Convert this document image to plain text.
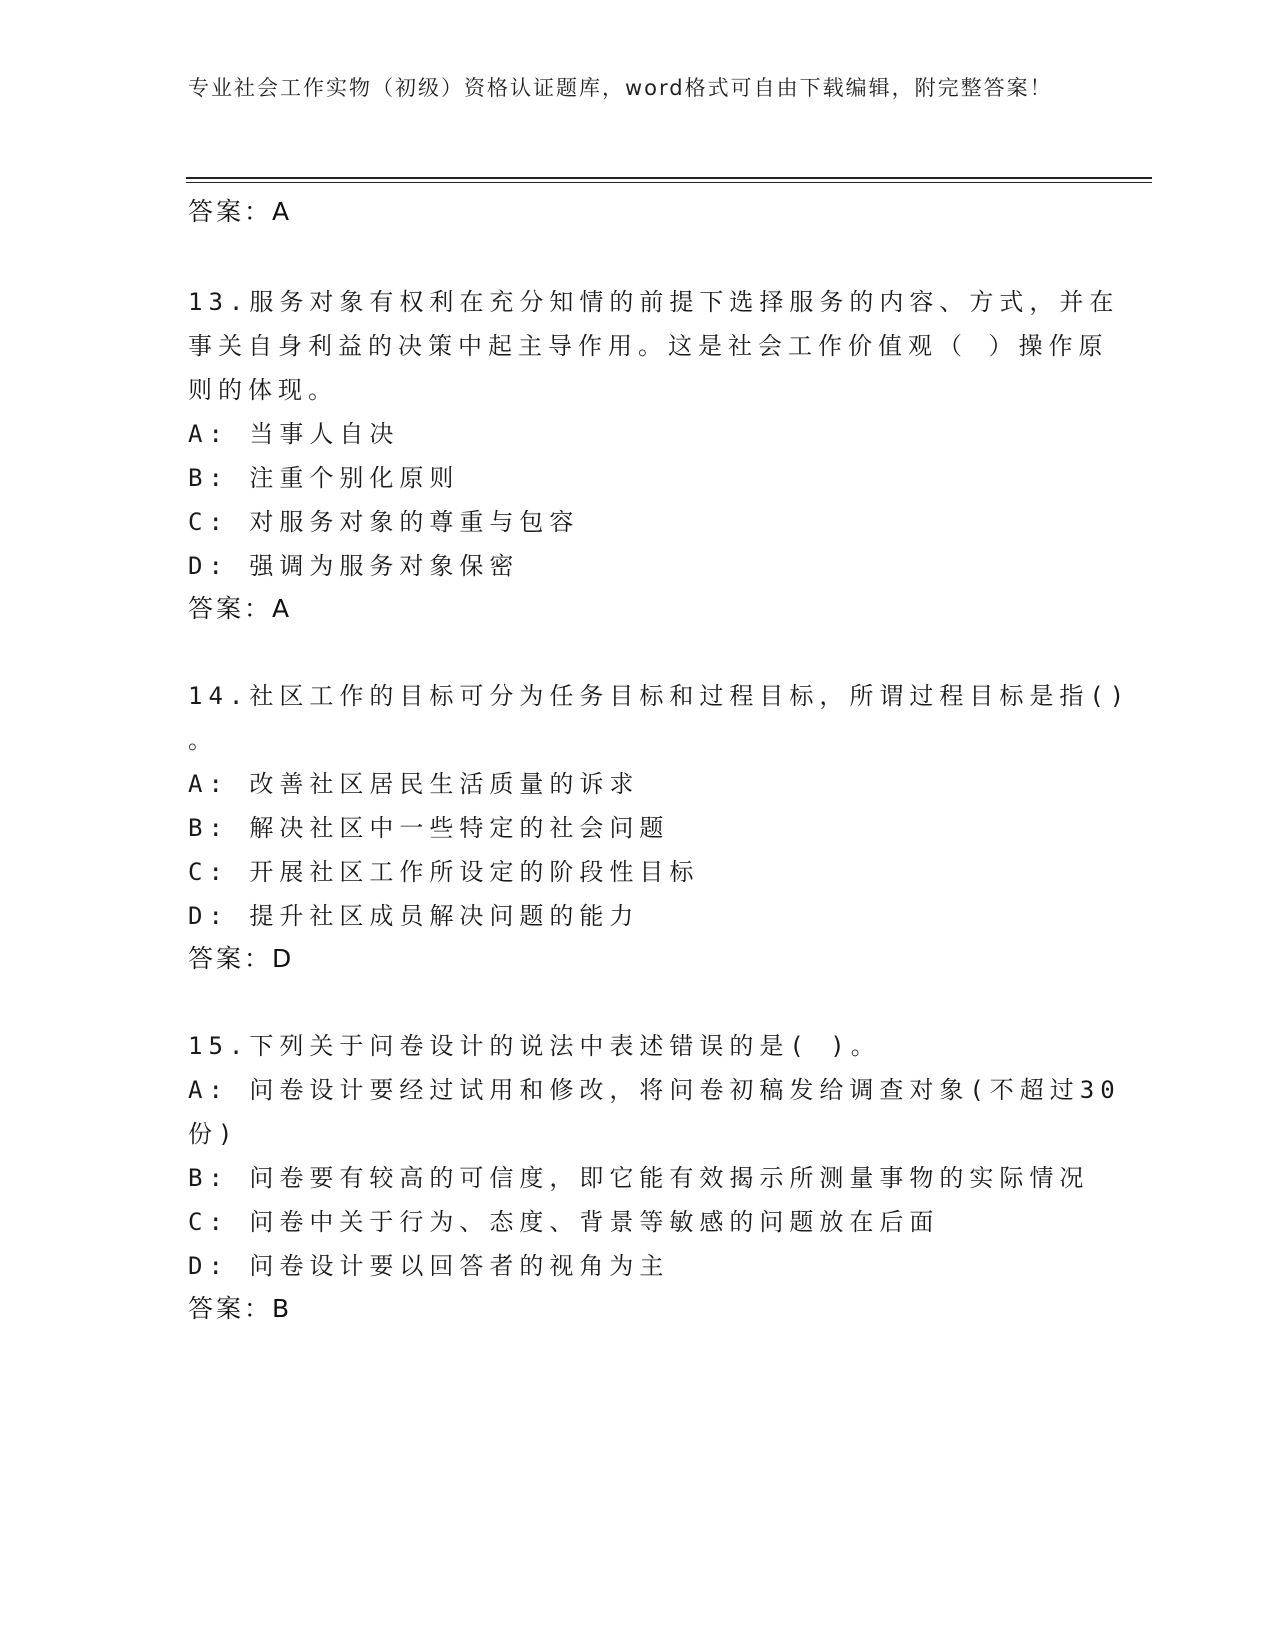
专业社会工作实物（初级）资格认证题库，word格式可自由下载编辑，附完整答案！
答案：A
13.服务对象有权利在充分知情的前提下选择服务的内容、方式，并在
事关自身利益的决策中起主导作用。这是社会工作价值观（ ）操作原
则的体现。
A: 当事人自决
B: 注重个别化原则
C: 对服务对象的尊重与包容
D: 强调为服务对象保密
答案：A
14.社区工作的目标可分为任务目标和过程目标，所谓过程目标是指()
。
A: 改善社区居民生活质量的诉求
B: 解决社区中一些特定的社会问题
C: 开展社区工作所设定的阶段性目标
D: 提升社区成员解决问题的能力
答案：D
15.下列关于问卷设计的说法中表述错误的是( )。
A: 问卷设计要经过试用和修改，将问卷初稿发给调查对象(不超过30
份)
B: 问卷要有较高的可信度，即它能有效揭示所测量事物的实际情况
C: 问卷中关于行为、态度、背景等敏感的问题放在后面
D: 问卷设计要以回答者的视角为主
答案：B
